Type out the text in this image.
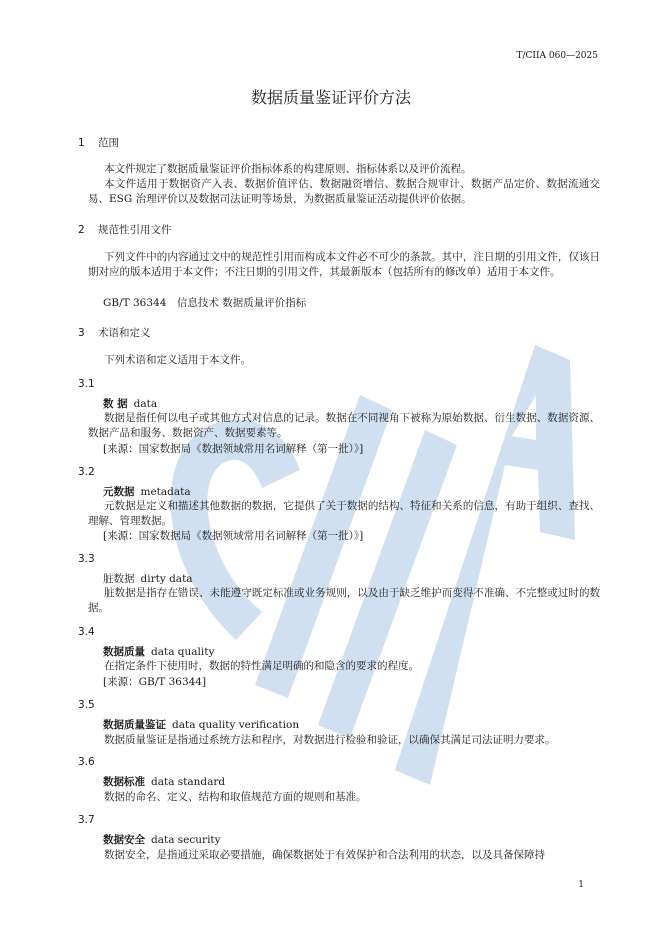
T/CIIA 060—2025
数据质量鉴证评价方法
1 范围
本文件规定了数据质量鉴证评价指标体系的构建原则、指标体系以及评价流程。
本文件适用于数据资产入表、数据价值评估、数据融资增信、数据合规审计、数据产品定价、数据流通交易、ESG 治理评价以及数据司法证明等场景，为数据质量鉴证活动提供评价依据。
2 规范性引用文件
下列文件中的内容通过文中的规范性引用而构成本文件必不可少的条款。其中，注日期的引用文件，仅该日期对应的版本适用于本文件；不注日期的引用文件，其最新版本（包括所有的修改单）适用于本文件。
GB/T 36344　信息技术 数据质量评价指标
3 术语和定义
下列术语和定义适用于本文件。
3.1
数 据 data
数据是指任何以电子或其他方式对信息的记录。数据在不同视角下被称为原始数据、衍生数据、数据资源、数据产品和服务、数据资产、数据要素等。
[来源：国家数据局《数据领域常用名词解释（第一批）》]
3.2
元数据 metadata
元数据是定义和描述其他数据的数据，它提供了关于数据的结构、特征和关系的信息，有助于组织、查找、理解、管理数据。
[来源：国家数据局《数据领域常用名词解释（第一批）》]
3.3
脏数据 dirty data
脏数据是指存在错误、未能遵守既定标准或业务规则，以及由于缺乏维护而变得不准确、不完整或过时的数据。
3.4
数据质量 data quality
在指定条件下使用时，数据的特性满足明确的和隐含的要求的程度。
[来源：GB/T 36344]
3.5
数据质量鉴证 data quality verification
数据质量鉴证是指通过系统方法和程序，对数据进行检验和验证，以确保其满足司法证明力要求。
3.6
数据标准 data standard
数据的命名、定义、结构和取值规范方面的规则和基准。
3.7
数据安全 data security
数据安全，是指通过采取必要措施，确保数据处于有效保护和合法利用的状态，以及具备保障持
1
